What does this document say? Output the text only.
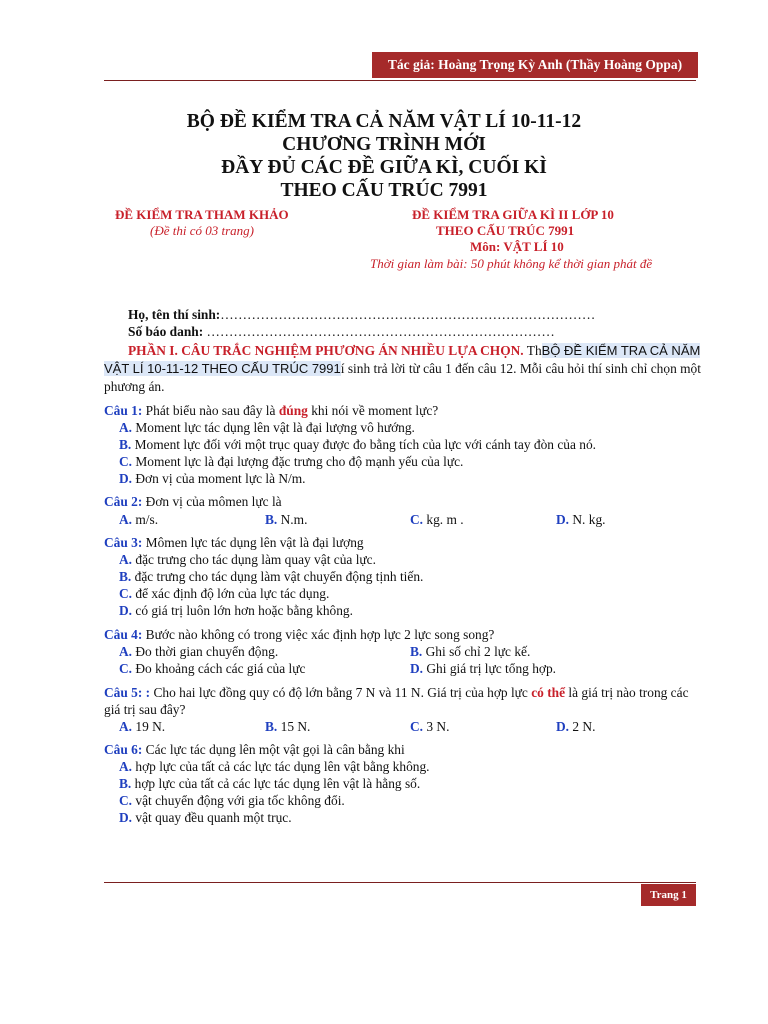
Tác giả: Hoàng Trọng Kỳ Anh (Thầy Hoàng Oppa)
BỘ ĐỀ KIỂM TRA CẢ NĂM VẬT LÍ 10-11-12
CHƯƠNG TRÌNH MỚI
ĐẦY ĐỦ CÁC ĐỀ GIỮA KÌ, CUỐI KÌ
THEO CẤU TRÚC 7991
ĐỀ KIỂM TRA THAM KHẢO
(Đề thi có 03 trang)
ĐỀ KIỂM TRA GIỮA KÌ II LỚP 10
THEO CẤU TRÚC 7991
Môn: VẬT LÍ 10
Thời gian làm bài: 50 phút không kể thời gian phát đề
Họ, tên thí sinh:…………………………………………………………………………
Số báo danh: ……………………………………………………………………
PHẦN I. CÂU TRẮC NGHIỆM PHƯƠNG ÁN NHIỀU LỰA CHỌN. ThBỘ ĐỀ KIỂM TRA CẢ NĂM
VẬT LÍ 10-11-12 THEO CẤU TRÚC 7991í sinh trả lời từ câu 1 đến câu 12. Mỗi câu hỏi thí sinh chỉ chọn một
phương án.
Câu 1: Phát biểu nào sau đây là đúng khi nói về moment lực?
A. Moment lực tác dụng lên vật là đại lượng vô hướng.
B. Moment lực đối với một trục quay được đo bằng tích của lực với cánh tay đòn của nó.
C. Moment lực là đại lượng đặc trưng cho độ mạnh yếu của lực.
D. Đơn vị của moment lực là N/m.
Câu 2: Đơn vị của mômen lực là
A. m/s.	B. N.m.	C. kg. m .	D. N. kg.
Câu 3: Mômen lực tác dụng lên vật là đại lượng
A. đặc trưng cho tác dụng làm quay vật của lực.
B. đặc trưng cho tác dụng làm vật chuyển động tịnh tiến.
C. để xác định độ lớn của lực tác dụng.
D. có giá trị luôn lớn hơn hoặc bằng không.
Câu 4: Bước nào không có trong việc xác định hợp lực 2 lực song song?
A. Đo thời gian chuyển động.	B. Ghi số chỉ 2 lực kế.
C. Đo khoảng cách các giá của lực	D. Ghi giá trị lực tổng hợp.
Câu 5: : Cho hai lực đồng quy có độ lớn bằng 7 N và 11 N. Giá trị của hợp lực có thể là giá trị nào trong các
giá trị sau đây?
A. 19 N.	B. 15 N.	C. 3 N.	D. 2 N.
Câu 6: Các lực tác dụng lên một vật gọi là cân bằng khi
A. hợp lực của tất cả các lực tác dụng lên vật bằng không.
B. hợp lực của tất cả các lực tác dụng lên vật là hằng số.
C. vật chuyển động với gia tốc không đổi.
D. vật quay đều quanh một trục.
Trang 1
